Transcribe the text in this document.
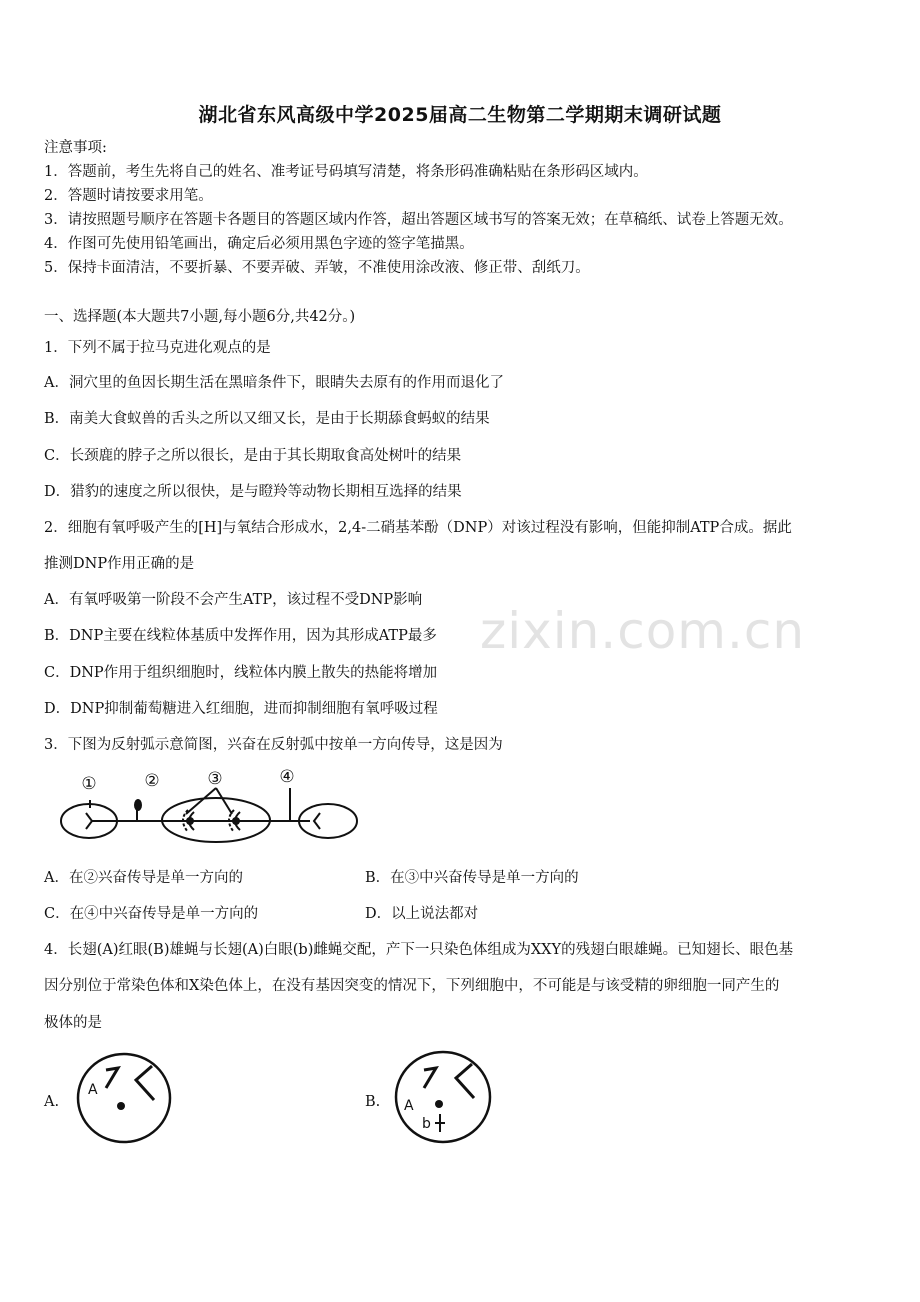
zixin.com.cn
湖北省东风高级中学2025届高二生物第二学期期末调研试题
注意事项:
1．答题前，考生先将自己的姓名、准考证号码填写清楚，将条形码准确粘贴在条形码区域内。
2．答题时请按要求用笔。
3．请按照题号顺序在答题卡各题目的答题区域内作答，超出答题区域书写的答案无效；在草稿纸、试卷上答题无效。
4．作图可先使用铅笔画出，确定后必须用黑色字迹的签字笔描黑。
5．保持卡面清洁，不要折暴、不要弄破、弄皱，不准使用涂改液、修正带、刮纸刀。
一、选择题(本大题共7小题,每小题6分,共42分。)
1．下列不属于拉马克进化观点的是
A．洞穴里的鱼因长期生活在黑暗条件下，眼睛失去原有的作用而退化了
B．南美大食蚁兽的舌头之所以又细又长，是由于长期舔食蚂蚁的结果
C．长颈鹿的脖子之所以很长，是由于其长期取食高处树叶的结果
D．猎豹的速度之所以很快，是与瞪羚等动物长期相互选择的结果
2．细胞有氧呼吸产生的[H]与氧结合形成水，2,4-二硝基苯酚（DNP）对该过程没有影响，但能抑制ATP合成。据此
推测DNP作用正确的是
A．有氧呼吸第一阶段不会产生ATP，该过程不受DNP影响
B．DNP主要在线粒体基质中发挥作用，因为其形成ATP最多
C．DNP作用于组织细胞时，线粒体内膜上散失的热能将增加
D．DNP抑制葡萄糖进入红细胞，进而抑制细胞有氧呼吸过程
3．下图为反射弧示意简图，兴奋在反射弧中按单一方向传导，这是因为
①	②	③	④
A．在②兴奋传导是单一方向的	B．在③中兴奋传导是单一方向的
C．在④中兴奋传导是单一方向的	D．以上说法都对
4．长翅(A)红眼(B)雄蝇与长翅(A)白眼(b)雌蝇交配，产下一只染色体组成为XXY的残翅白眼雄蝇。已知翅长、眼色基
因分别位于常染色体和X染色体上，在没有基因突变的情况下，下列细胞中，不可能是与该受精的卵细胞一同产生的
极体的是
A.	B.
A
A
b
